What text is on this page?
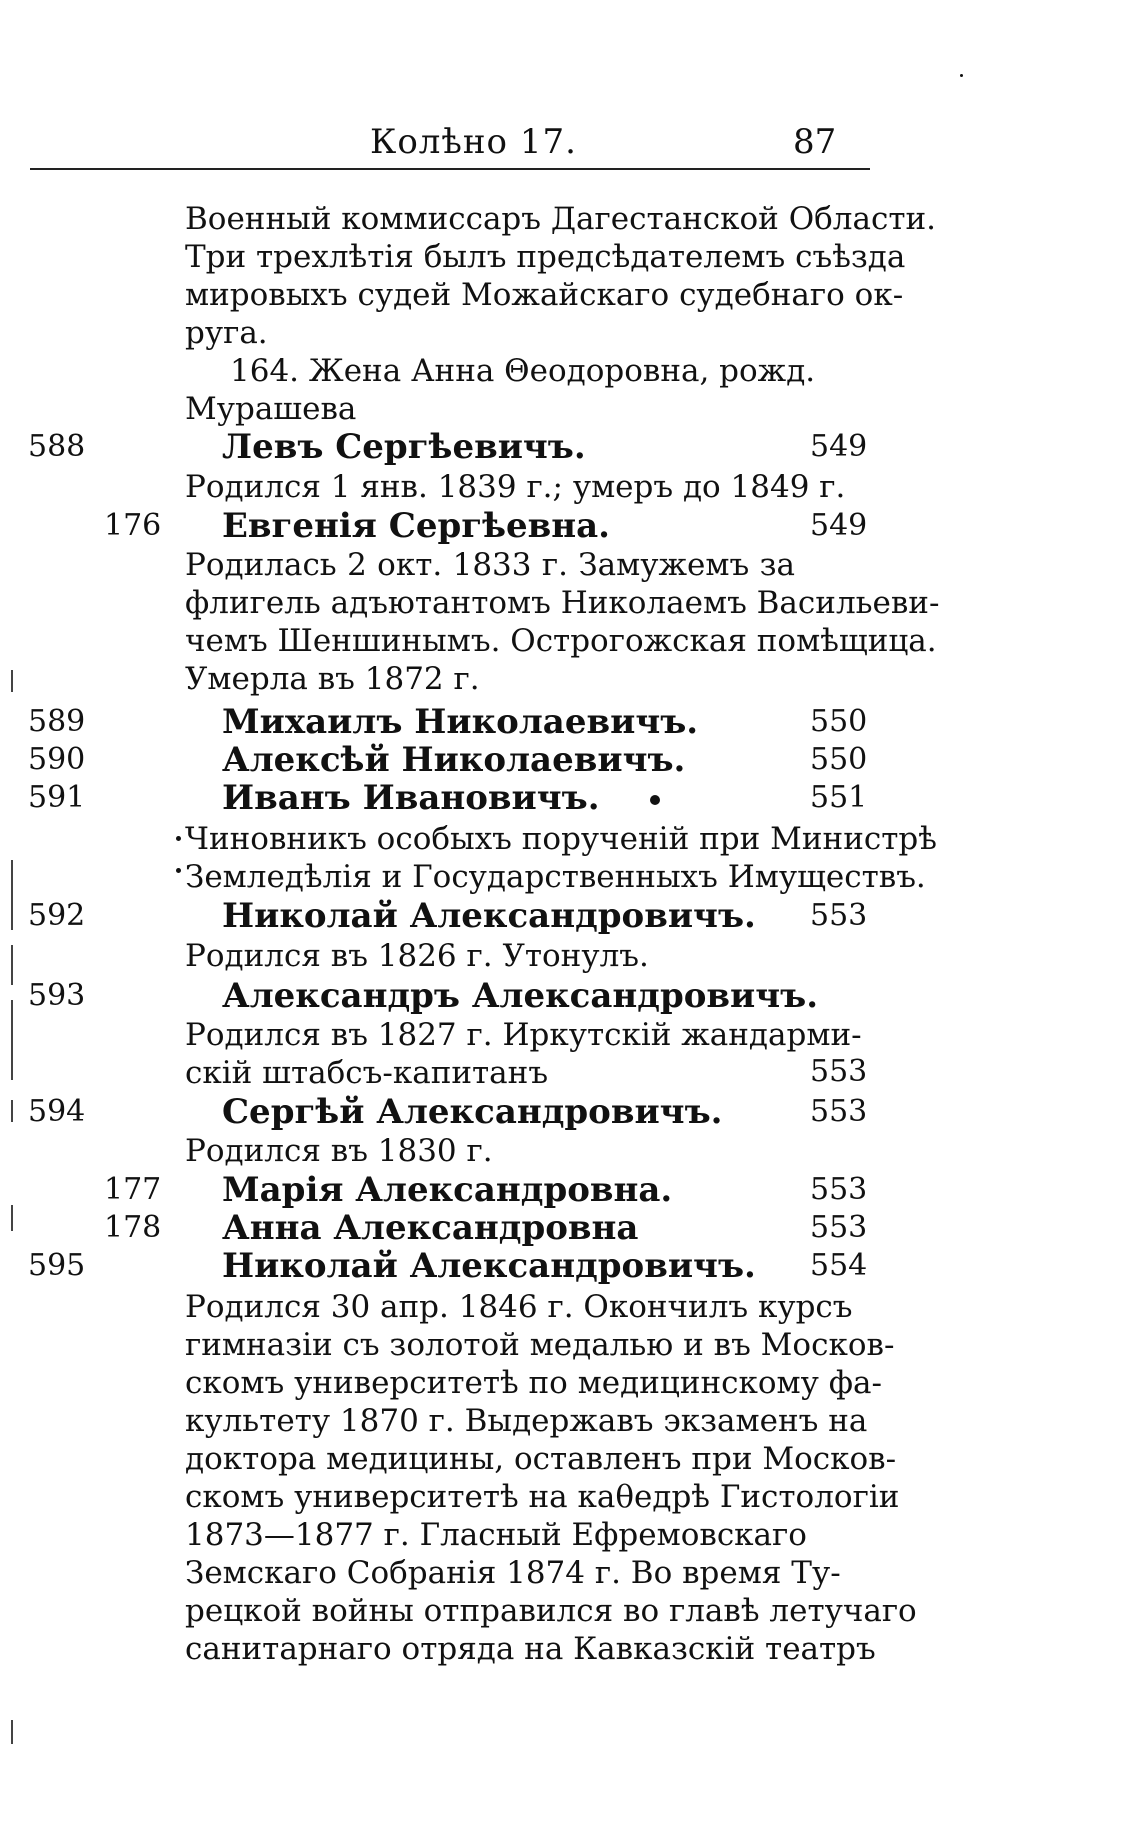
Колѣно 17.	87
Военный коммиссаръ Дагестанской Области.
Три трехлѣтія былъ предсѣдателемъ съѣзда
мировыхъ судей Можайскаго судебнаго ок-
руга.
164. Жена Анна Θеодоровна, рожд.
Мурашева
588	Левъ Сергѣевичъ.	549
Родился 1 янв. 1839 г.; умеръ до 1849 г.
176 Евгенія Сергѣевна.	549
Родилась 2 окт. 1833 г. Замужемъ за
флигель адъютантомъ Николаемъ Васильеви-
чемъ Шеншинымъ. Острогожская помѣщица.
Умерла въ 1872 г.
589	Михаилъ Николаевичъ.	550
590	Алексѣй Николаевичъ.	550
591	Иванъ Ивановичъ.	551
Чиновникъ особыхъ порученій при Министрѣ
Земледѣлія и Государственныхъ Имуществъ.
592	Николай Александровичъ. 553
Родился въ 1826 г. Утонулъ.
593	Александръ Александровичъ.
Родился въ 1827 г. Иркутскій жандарми-
скій штабсъ-капитанъ	553
594	Сергѣй Александровичъ.	553
Родился въ 1830 г.
177 Марія Александровна.	553
178 Анна Александровна	553
595	Николай Александровичъ. 554
Родился 30 апр. 1846 г. Окончилъ курсъ
гимназіи съ золотой медалью и въ Москов-
скомъ университетѣ по медицинскому фа-
культету 1870 г. Выдержавъ экзаменъ на
доктора медицины, оставленъ при Москов-
скомъ университетѣ на каθедрѣ Гистологіи
1873—1877 г. Гласный Ефремовскаго
Земскаго Собранія 1874 г. Во время Ту-
рецкой войны отправился во главѣ летучаго
санитарнаго отряда на Кавказскій театръ
